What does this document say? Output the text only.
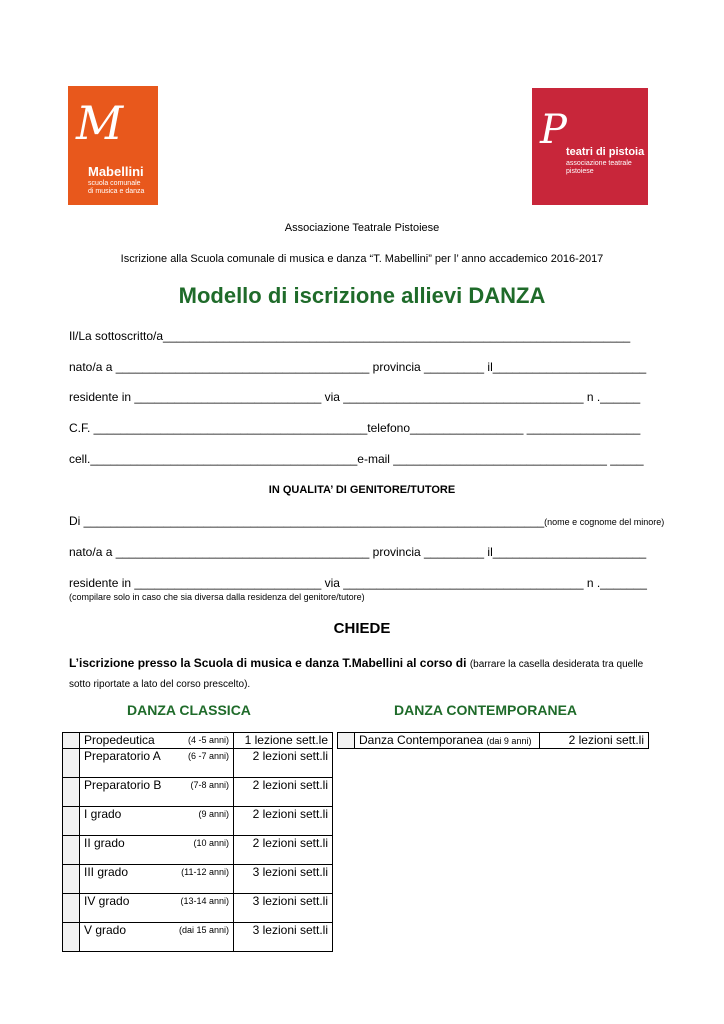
M
Mabellini
scuola comunale
di musica e danza
P teatri di pistoia
associazione teatrale
pistoiese
Associazione Teatrale Pistoiese
Iscrizione alla Scuola comunale di musica e danza “T. Mabellini” per l’ anno accademico 2016-2017
Modello di iscrizione allievi DANZA
Il/La sottoscritto/a______________________________________________________________________
nato/a a ______________________________________ provincia _________ il_______________________
residente in ____________________________ via ____________________________________ n .______
C.F. _________________________________________telefono_________________ _________________
cell.________________________________________e-mail ________________________________ _____
IN QUALITA’ DI GENITORE/TUTORE
Di _____________________________________________________________________(nome e cognome del minore)
nato/a a ______________________________________ provincia _________ il_______________________
residente in ____________________________ via ____________________________________ n ._______
(compilare solo in caso che sia diversa dalla residenza del genitore/tutore)
CHIEDE
L’iscrizione presso la Scuola di musica e danza T.Mabellini al corso di (barrare la casella desiderata tra quelle sotto riportate a lato del corso prescelto).
DANZA CLASSICA	DANZA CONTEMPORANEA
	Propedeutica (4 -5 anni)	1 lezione sett.le
	Preparatorio A (6 -7 anni)	2 lezioni sett.li
	Preparatorio B (7-8 anni)	2 lezioni sett.li
	I grado (9 anni)	2 lezioni sett.li
	II grado (10 anni)	2 lezioni sett.li
	III grado (11-12 anni)	3 lezioni sett.li
	IV grado (13-14 anni)	3 lezioni sett.li
	V grado (dai 15 anni)	3 lezioni sett.li
	Danza Contemporanea (dai 9 anni)	2 lezioni sett.li
